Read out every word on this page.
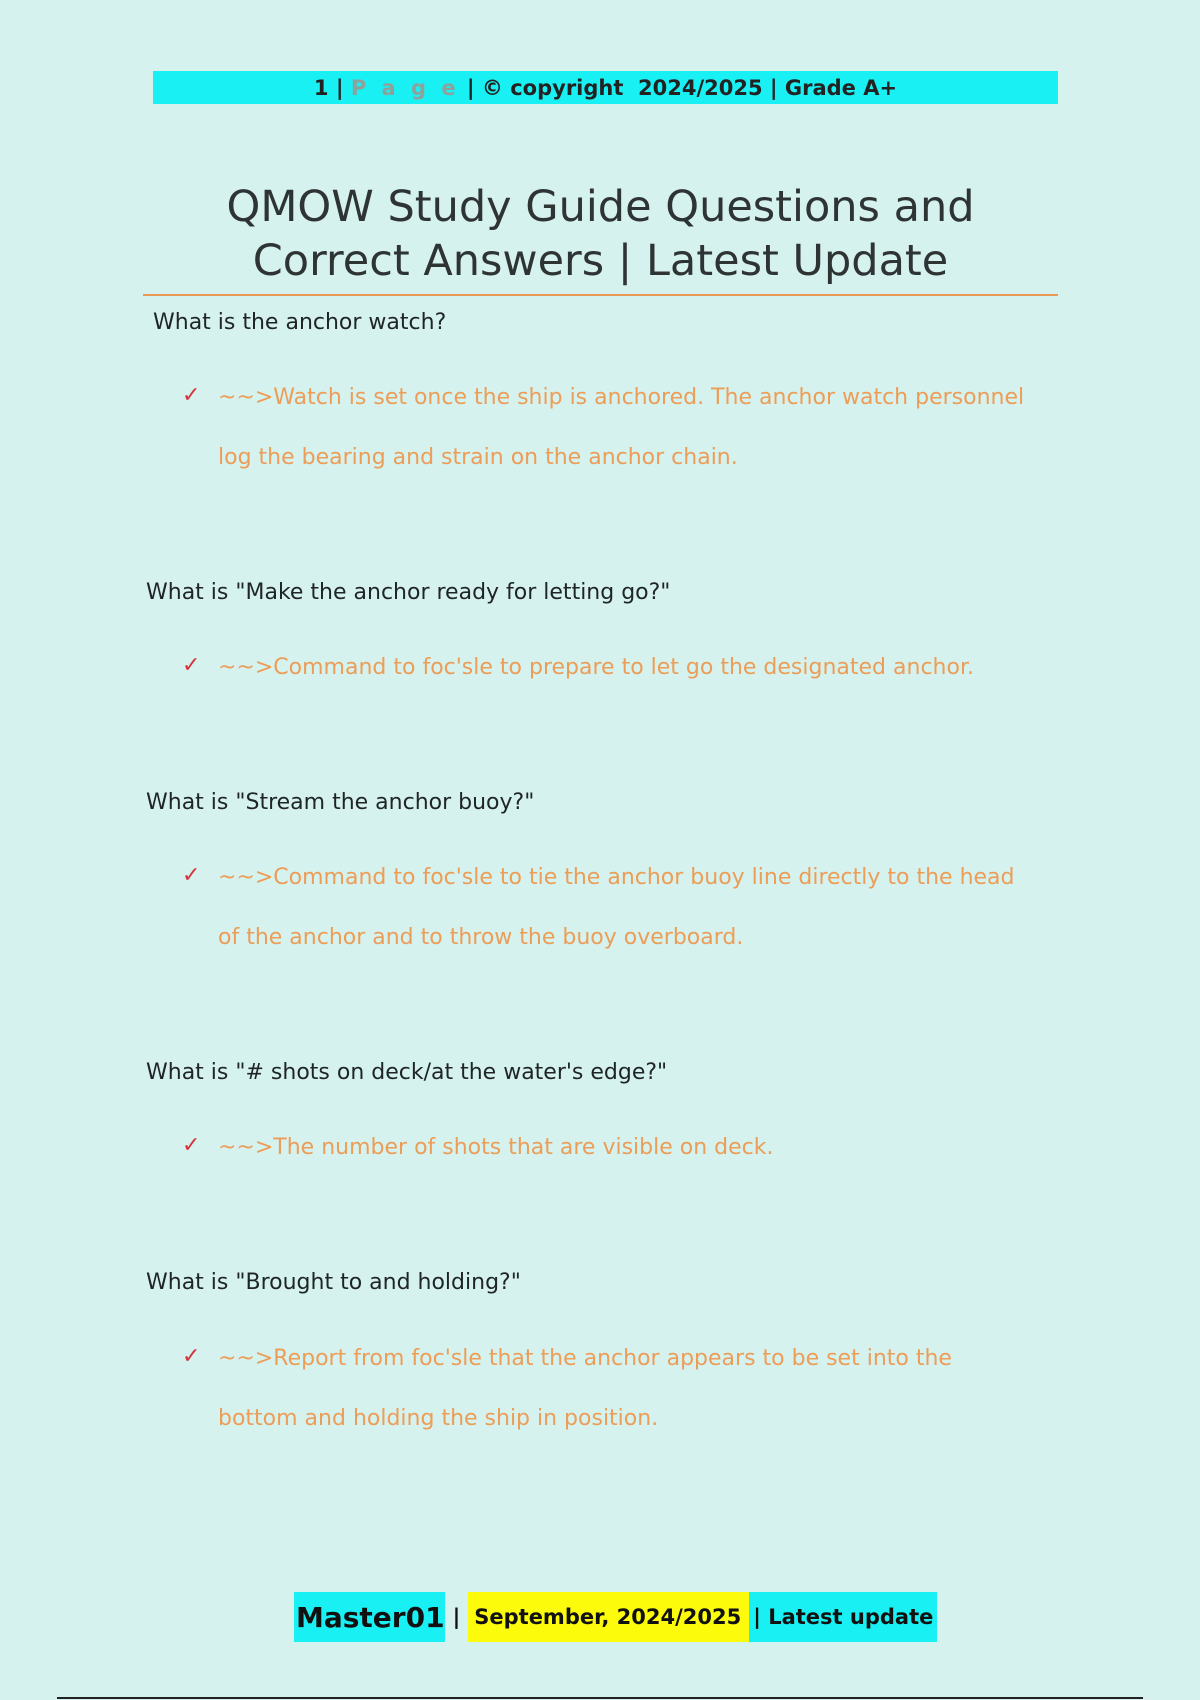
1 | P a g e | © copyright  2024/2025 | Grade A+
QMOW Study Guide Questions and
Correct Answers | Latest Update
What is the anchor watch?
✓ ~~>Watch is set once the ship is anchored. The anchor watch personnel log the bearing and strain on the anchor chain.
What is "Make the anchor ready for letting go?"
✓ ~~>Command to foc'sle to prepare to let go the designated anchor.
What is "Stream the anchor buoy?"
✓ ~~>Command to foc'sle to tie the anchor buoy line directly to the head of the anchor and to throw the buoy overboard.
What is "# shots on deck/at the water's edge?"
✓ ~~>The number of shots that are visible on deck.
What is "Brought to and holding?"
✓ ~~>Report from foc'sle that the anchor appears to be set into the bottom and holding the ship in position.
Master01 | September, 2024/2025 | Latest update
